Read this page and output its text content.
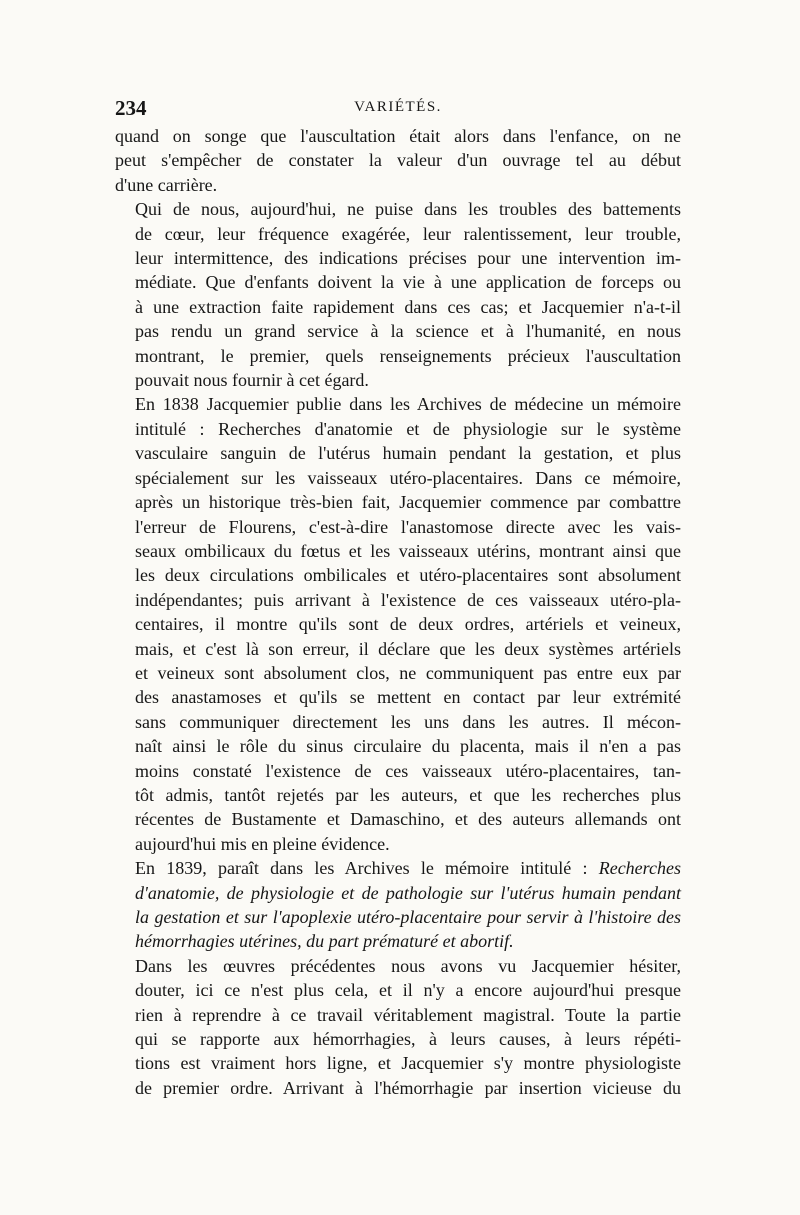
234	VARIÉTÉS.

quand on songe que l'auscultation était alors dans l'enfance, on ne
peut s'empêcher de constater la valeur d'un ouvrage tel au début
d'une carrière.

Qui de nous, aujourd'hui, ne puise dans les troubles des battements
de cœur, leur fréquence exagérée, leur ralentissement, leur trouble,
leur intermittence, des indications précises pour une intervention im-
médiate. Que d'enfants doivent la vie à une application de forceps ou
à une extraction faite rapidement dans ces cas; et Jacquemier n'a-t-il
pas rendu un grand service à la science et à l'humanité, en nous
montrant, le premier, quels renseignements précieux l'auscultation
pouvait nous fournir à cet égard.

En 1838 Jacquemier publie dans les Archives de médecine un mémoire
intitulé : Recherches d'anatomie et de physiologie sur le système
vasculaire sanguin de l'utérus humain pendant la gestation, et plus
spécialement sur les vaisseaux utéro-placentaires. Dans ce mémoire,
après un historique très-bien fait, Jacquemier commence par combattre
l'erreur de Flourens, c'est-à-dire l'anastomose directe avec les vais-
seaux ombilicaux du fœtus et les vaisseaux utérins, montrant ainsi que
les deux circulations ombilicales et utéro-placentaires sont absolument
indépendantes; puis arrivant à l'existence de ces vaisseaux utéro-pla-
centaires, il montre qu'ils sont de deux ordres, artériels et veineux,
mais, et c'est là son erreur, il déclare que les deux systèmes artériels
et veineux sont absolument clos, ne communiquent pas entre eux par
des anastamoses et qu'ils se mettent en contact par leur extrémité
sans communiquer directement les uns dans les autres. Il mécon-
naît ainsi le rôle du sinus circulaire du placenta, mais il n'en a pas
moins constaté l'existence de ces vaisseaux utéro-placentaires, tan-
tôt admis, tantôt rejetés par les auteurs, et que les recherches plus
récentes de Bustamente et Damaschino, et des auteurs allemands ont
aujourd'hui mis en pleine évidence.

En 1839, paraît dans les Archives le mémoire intitulé : Recherches
d'anatomie, de physiologie et de pathologie sur l'utérus humain pendant
la gestation et sur l'apoplexie utéro-placentaire pour servir à l'histoire des
hémorrhagies utérines, du part prématuré et abortif.

Dans les œuvres précédentes nous avons vu Jacquemier hésiter,
douter, ici ce n'est plus cela, et il n'y a encore aujourd'hui presque
rien à reprendre à ce travail véritablement magistral. Toute la partie
qui se rapporte aux hémorrhagies, à leurs causes, à leurs répéti-
tions est vraiment hors ligne, et Jacquemier s'y montre physiologiste
de premier ordre. Arrivant à l'hémorrhagie par insertion vicieuse du
